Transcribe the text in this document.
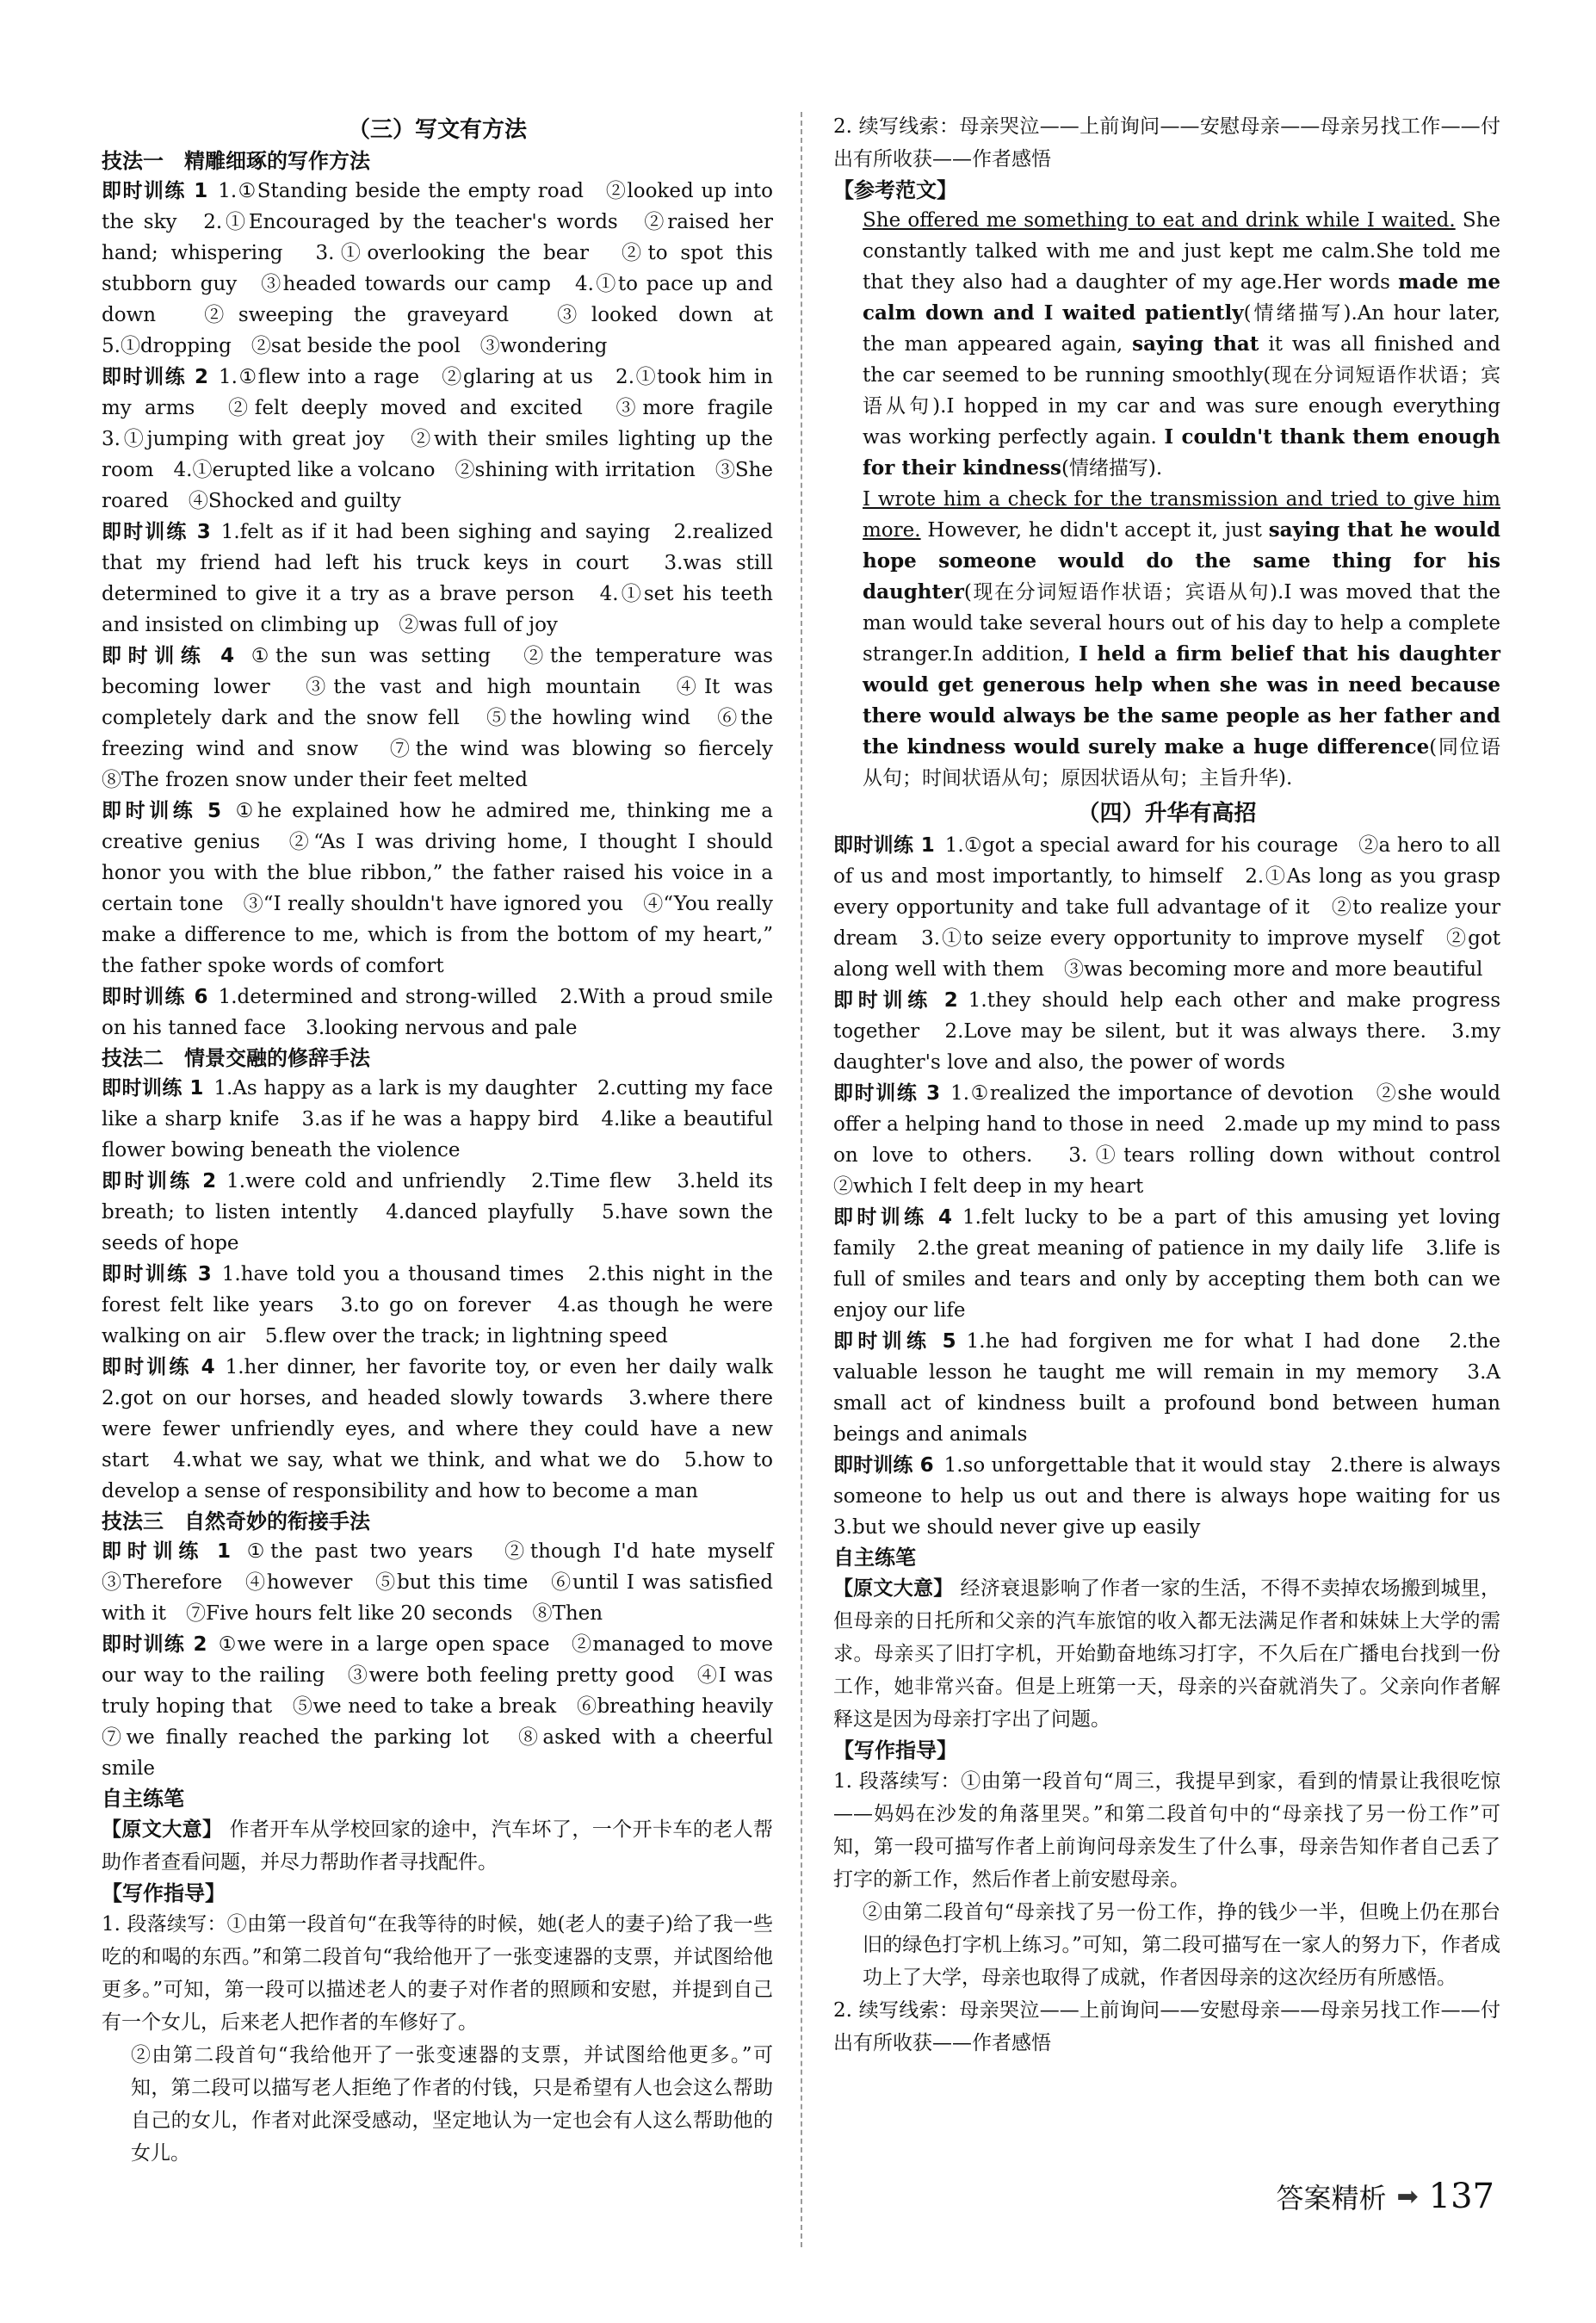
（三）写文有方法
技法一　精雕细琢的写作方法

即时训练 1 1.①Standing beside the empty road　②looked up into the sky　2.①Encouraged by the teacher's words　②raised her hand; whispering　3.①overlooking the bear　②to spot this stubborn guy　③headed towards our camp　4.①to pace up and down　②sweeping the graveyard　③looked down at　5.①dropping　②sat beside the pool　③wondering

即时训练 2 1.①flew into a rage　②glaring at us　2.①took him in my arms　②felt deeply moved and excited　③more fragile　3.①jumping with great joy　②with their smiles lighting up the room　4.①erupted like a volcano　②shining with irritation　③She roared　④Shocked and guilty

即时训练 3 1.felt as if it had been sighing and saying　2.realized that my friend had left his truck keys in court　3.was still determined to give it a try as a brave person　4.①set his teeth and insisted on climbing up　②was full of joy

即时训练 4 ①the sun was setting　②the temperature was becoming lower　③the vast and high mountain　④It was completely dark and the snow fell　⑤the howling wind　⑥the freezing wind and snow　⑦the wind was blowing so fiercely　⑧The frozen snow under their feet melted

即时训练 5 ①he explained how he admired me, thinking me a creative genius　②“As I was driving home, I thought I should honor you with the blue ribbon,” the father raised his voice in a certain tone　③“I really shouldn't have ignored you　④“You really make a difference to me, which is from the bottom of my heart,” the father spoke words of comfort

即时训练 6 1.determined and strong-willed　2.With a proud smile on his tanned face　3.looking nervous and pale

技法二　情景交融的修辞手法

即时训练 1 1.As happy as a lark is my daughter　2.cutting my face like a sharp knife　3.as if he was a happy bird　4.like a beautiful flower bowing beneath the violence

即时训练 2 1.were cold and unfriendly　2.Time flew　3.held its breath; to listen intently　4.danced playfully　5.have sown the seeds of hope

即时训练 3 1.have told you a thousand times　2.this night in the forest felt like years　3.to go on forever　4.as though he were walking on air　5.flew over the track; in lightning speed

即时训练 4 1.her dinner, her favorite toy, or even her daily walk　2.got on our horses, and headed slowly towards　3.where there were fewer unfriendly eyes, and where they could have a new start　4.what we say, what we think, and what we do　5.how to develop a sense of responsibility and how to become a man

技法三　自然奇妙的衔接手法

即时训练 1 ①the past two years　②though I'd hate myself　③Therefore　④however　⑤but this time　⑥until I was satisfied with it　⑦Five hours felt like 20 seconds　⑧Then

即时训练 2 ①we were in a large open space　②managed to move our way to the railing　③were both feeling pretty good　④I was truly hoping that　⑤we need to take a break　⑥breathing heavily　⑦we finally reached the parking lot　⑧asked with a cheerful smile

自主练笔

【原文大意】 作者开车从学校回家的途中，汽车坏了，一个开卡车的老人帮助作者查看问题，并尽力帮助作者寻找配件。

【写作指导】

1. 段落续写：①由第一段首句“在我等待的时候，她(老人的妻子)给了我一些吃的和喝的东西。”和第二段首句“我给他开了一张变速器的支票，并试图给他更多。”可知，第一段可以描述老人的妻子对作者的照顾和安慰，并提到自己有一个女儿，后来老人把作者的车修好了。

②由第二段首句“我给他开了一张变速器的支票，并试图给他更多。”可知，第二段可以描写老人拒绝了作者的付钱，只是希望有人也会这么帮助自己的女儿，作者对此深受感动，坚定地认为一定也会有人这么帮助他的女儿。

2. 续写线索：母亲哭泣——上前询问——安慰母亲——母亲另找工作——付出有所收获——作者感悟

【参考范文】

She offered me something to eat and drink while I waited. She constantly talked with me and just kept me calm.She told me that they also had a daughter of my age.Her words made me calm down and I waited patiently(情绪描写).An hour later, the man appeared again, saying that it was all finished and the car seemed to be running smoothly(现在分词短语作状语；宾语从句).I hopped in my car and was sure enough everything was working perfectly again. I couldn't thank them enough for their kindness(情绪描写).

I wrote him a check for the transmission and tried to give him more. However, he didn't accept it, just saying that he would hope someone would do the same thing for his daughter(现在分词短语作状语；宾语从句).I was moved that the man would take several hours out of his day to help a complete stranger.In addition, I held a firm belief that his daughter would get generous help when she was in need because there would always be the same people as her father and the kindness would surely make a huge difference(同位语从句；时间状语从句；原因状语从句；主旨升华).

（四）升华有高招

即时训练 1 1.①got a special award for his courage　②a hero to all of us and most importantly, to himself　2.①As long as you grasp every opportunity and take full advantage of it　②to realize your dream　3.①to seize every opportunity to improve myself　②got along well with them　③was becoming more and more beautiful

即时训练 2 1.they should help each other and make progress together　2.Love may be silent, but it was always there.　3.my daughter's love and also, the power of words

即时训练 3 1.①realized the importance of devotion　②she would offer a helping hand to those in need　2.made up my mind to pass on love to others.　3.①tears rolling down without control　②which I felt deep in my heart

即时训练 4 1.felt lucky to be a part of this amusing yet loving family　2.the great meaning of patience in my daily life　3.life is full of smiles and tears and only by accepting them both can we enjoy our life

即时训练 5 1.he had forgiven me for what I had done　2.the valuable lesson he taught me will remain in my memory　3.A small act of kindness built a profound bond between human beings and animals

即时训练 6 1.so unforgettable that it would stay　2.there is always someone to help us out and there is always hope waiting for us　3.but we should never give up easily

自主练笔

【原文大意】 经济衰退影响了作者一家的生活，不得不卖掉农场搬到城里，但母亲的日托所和父亲的汽车旅馆的收入都无法满足作者和妹妹上大学的需求。母亲买了旧打字机，开始勤奋地练习打字，不久后在广播电台找到一份工作，她非常兴奋。但是上班第一天，母亲的兴奋就消失了。父亲向作者解释这是因为母亲打字出了问题。

【写作指导】

1. 段落续写：①由第一段首句“周三，我提早到家，看到的情景让我很吃惊——妈妈在沙发的角落里哭。”和第二段首句中的“母亲找了另一份工作”可知，第一段可描写作者上前询问母亲发生了什么事，母亲告知作者自己丢了打字的新工作，然后作者上前安慰母亲。

②由第二段首句“母亲找了另一份工作，挣的钱少一半，但晚上仍在那台旧的绿色打字机上练习。”可知，第二段可描写在一家人的努力下，作者成功上了大学，母亲也取得了成就，作者因母亲的这次经历有所感悟。

2. 续写线索：母亲哭泣——上前询问——安慰母亲——母亲另找工作——付出有所收获——作者感悟

答案精析 ➡ 137
